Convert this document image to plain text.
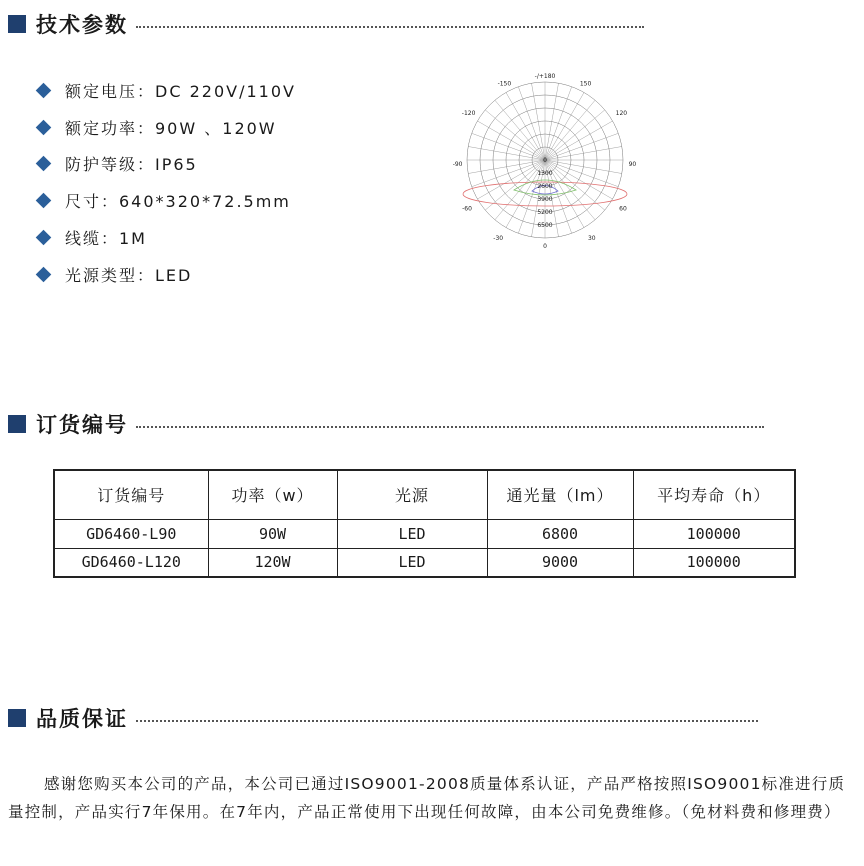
技术参数
额定电压：DC 220V/110V
额定功率：90W 、120W
防护等级：IP65
尺寸：640*320*72.5mm
线缆：1M
光源类型：LED
-/+180
150
-150
120
-120
90
-90
60
-60
30
-30
0
1300
2600
3900
5200
6500
0
订货编号
订货编号	功率（w）	光源	通光量（lm）	平均寿命（h）
GD6460-L90	90W	LED	6800	100000
GD6460-L120	120W	LED	9000	100000
品质保证

感谢您购买本公司的产品，本公司已通过ISO9001-2008质量体系认证，产品严格按照ISO9001标准进行质量控制，产品实行7年保用。在7年内，产品正常使用下出现任何故障，由本公司免费维修。（免材料费和修理费）
